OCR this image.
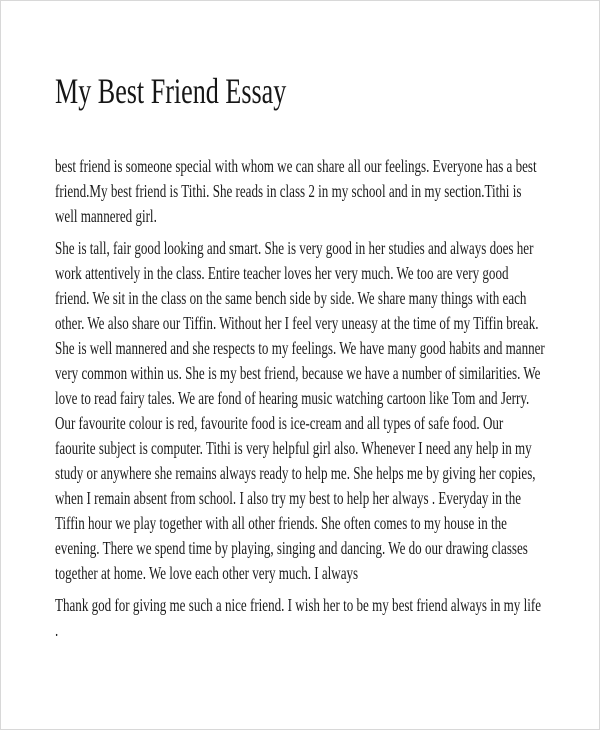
My Best Friend Essay

best friend is someone special with whom we can share all our feelings. Everyone has a best friend.My best friend is Tithi. She reads in class 2 in my school and in my section.Tithi is well mannered girl.

She is tall, fair good looking and smart. She is very good in her studies and always does her work attentively in the class. Entire teacher loves her very much. We too are very good friend. We sit in the class on the same bench side by side. We share many things with each other. We also share our Tiffin. Without her I feel very uneasy at the time of my Tiffin break. She is well mannered and she respects to my feelings. We have many good habits and manner very common within us. She is my best friend, because we have a number of similarities. We love to read fairy tales. We are fond of hearing music watching cartoon like Tom and Jerry. Our favourite colour is red, favourite food is ice-cream and all types of safe food. Our faourite subject is computer. Tithi is very helpful girl also. Whenever I need any help in my study or anywhere she remains always ready to help me. She helps me by giving her copies, when I remain absent from school. I also try my best to help her always . Everyday in the Tiffin hour we play together with all other friends. She often comes to my house in the evening. There we spend time by playing, singing and dancing. We do our drawing classes together at home. We love each other very much. I always

Thank god for giving me such a nice friend. I wish her to be my best friend always in my life .
